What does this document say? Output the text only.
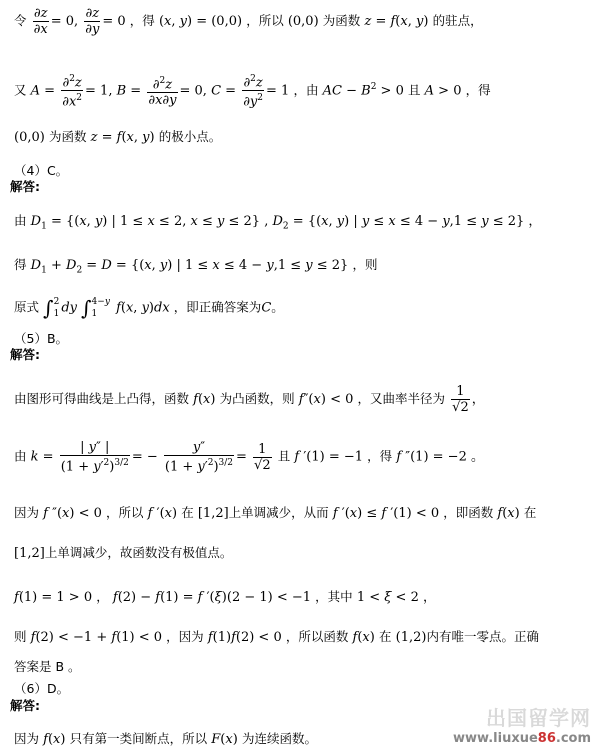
令 $\frac{\partial z}{\partial x} = 0$, $\frac{\partial z}{\partial y} = 0$ ，得 (x, y) = (0,0) ，所以 (0,0) 为函数 z = f(x, y) 的驻点，
又 $A = \frac{\partial^2z}{\partial x^2} = 1$, $B = \frac{\partial^2z}{\partial x\partial y} = 0$, $C = \frac{\partial^2z}{\partial y^2} = 1$ ，由 AC − $B^2 > 0$ 且 A > 0 ，得
(0,0) 为函数 z = f(x, y) 的极小点。
（4）C。
解答:
由 $D_1 = \{(x$, y) | 1 ≤ x ≤ 2, x ≤ y ≤ 2} , $D_2 = \{(x$, y) | y ≤ x ≤ 4 − y,1 ≤ y ≤ 2} ，
得 $D_1 + D_2 = D = \{(x$, y) | 1 ≤ x ≤ 4 − y,1 ≤ y ≤ 2} ，则
原式 ∫2
1 dy ∫4−y
1 f(x, y)dx ，即正确答案为C。
（5）B。
解答:
由图形可得曲线是上凸得，函数 f(x) 为凸函数，则 f″(x) < 0 ，又曲率半径为 $\frac{1}{√2}$ ，
由 $k = \frac{| y'' |}{(1 + y'^2)^{3/2}}$ = − $\frac{y''}{(1 + y'^2)^{3/2}} = \frac{1}{√2}$ 且 f ′(1) = −1 ，得 f ″(1) = −2 。
因为 f ″(x) < 0 ，所以 f ′(x) 在 [1,2]上单调减少，从而 f ′(x) ≤ f ′(1) < 0 ，即函数 f(x) 在
[1,2]上单调减少，故函数没有极值点。
f(1) = 1 > 0 ， f(2) − f(1) = f ′(ξ)(2 − 1) < −1 ，其中 1 < ξ < 2 ，
则 f(2) < −1 + f(1) < 0 ，因为 f(1)f(2) < 0 ，所以函数 f(x) 在 (1,2)内有唯一零点。正确
答案是 B 。
（6）D。
解答:
因为 f(x) 只有第一类间断点，所以 F(x) 为连续函数。
出国留学网
www.liuxue86.com
